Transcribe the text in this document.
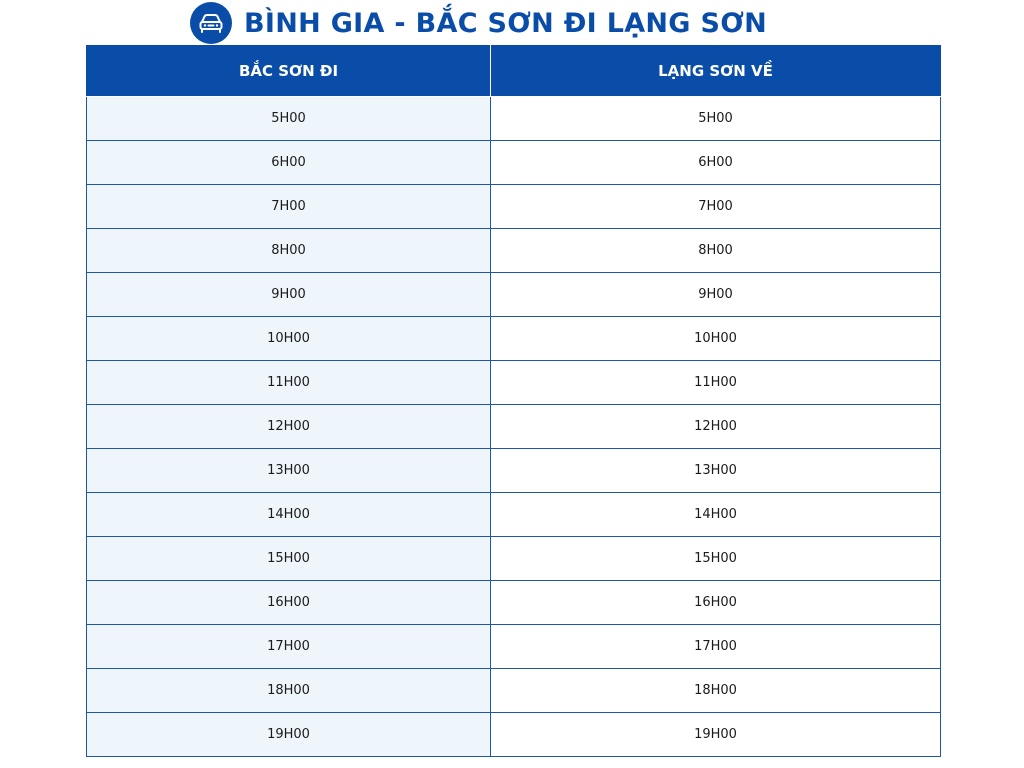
BÌNH GIA - BẮC SƠN ĐI LẠNG SƠN
BẮC SƠN ĐI	LẠNG SƠN VỀ
5H00	5H00
6H00	6H00
7H00	7H00
8H00	8H00
9H00	9H00
10H00	10H00
11H00	11H00
12H00	12H00
13H00	13H00
14H00	14H00
15H00	15H00
16H00	16H00
17H00	17H00
18H00	18H00
19H00	19H00
